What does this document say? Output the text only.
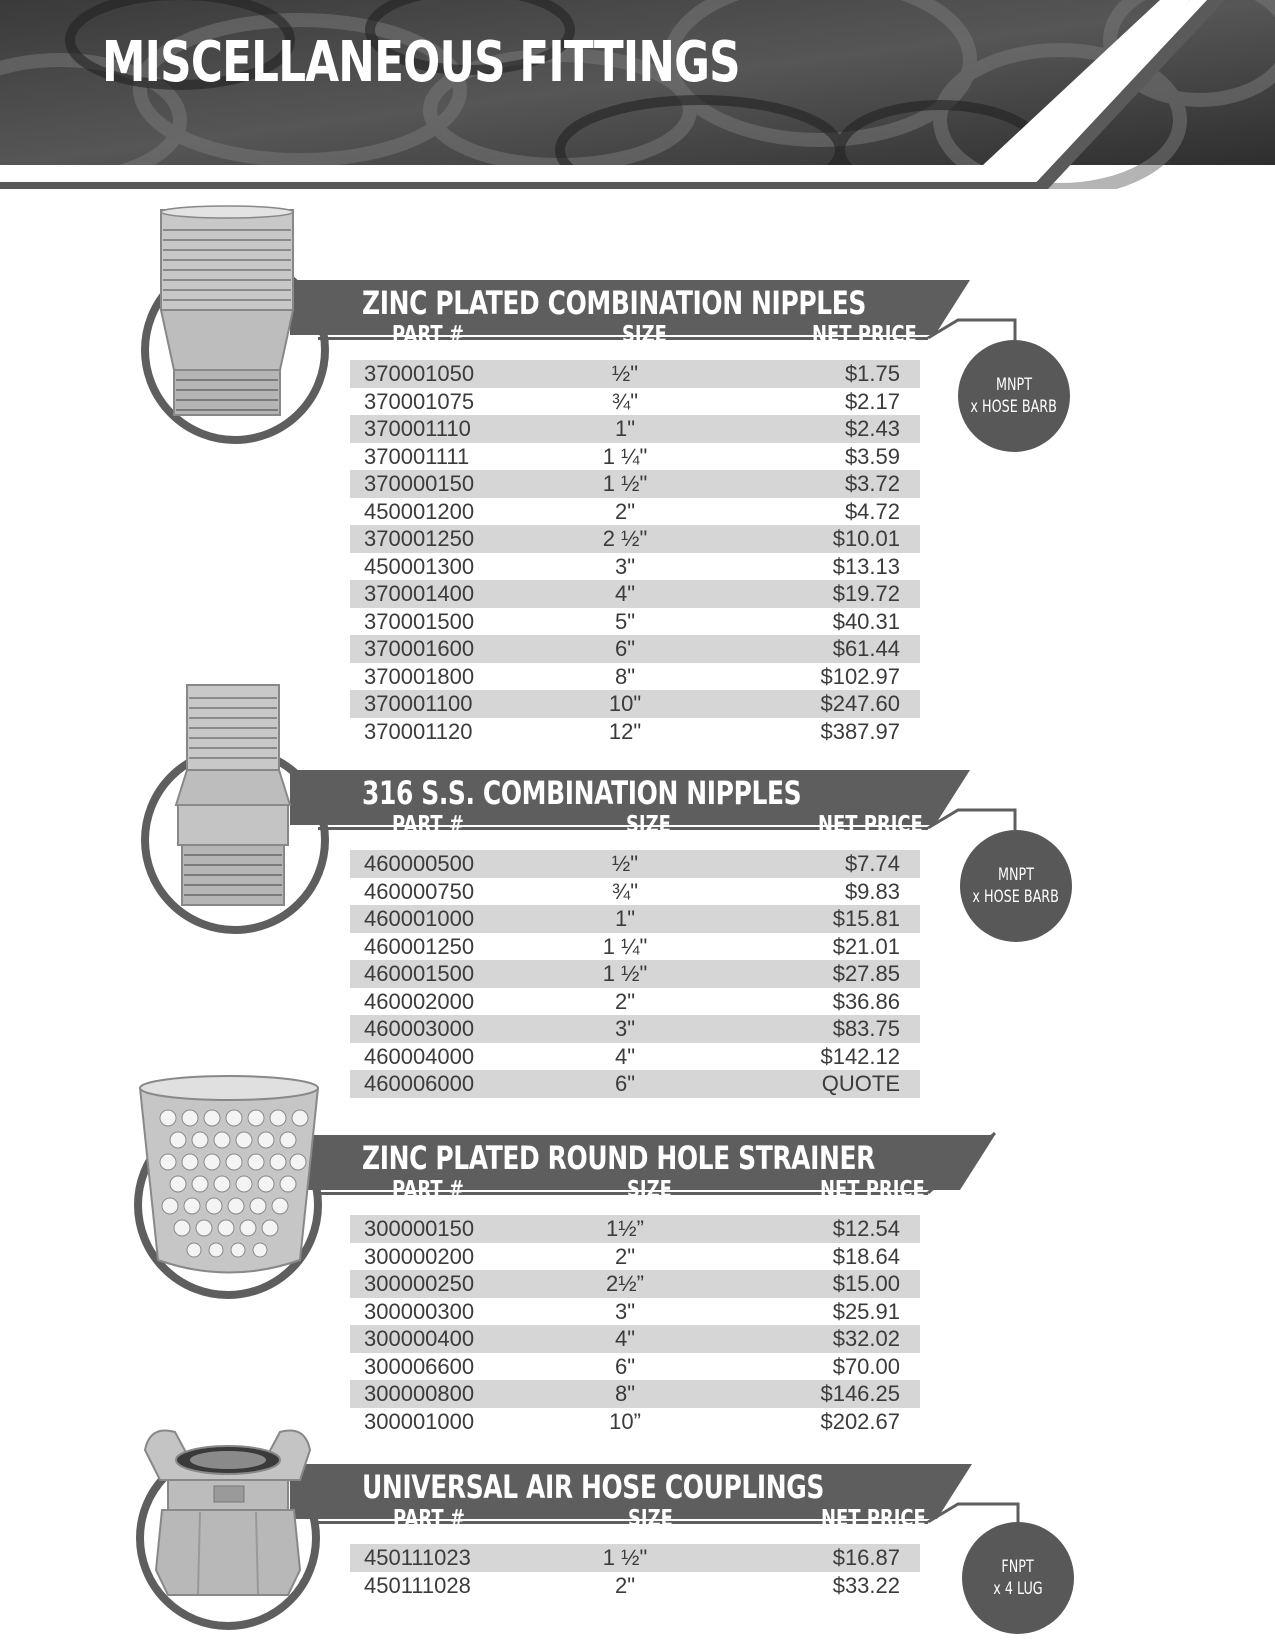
MISCELLANEOUS FITTINGS
ZINC PLATED COMBINATION NIPPLES
PART #	SIZE	NET PRICE
370001050	½"	$1.75
370001075	¾"	$2.17
370001110	1"	$2.43
370001111	1 ¼"	$3.59
370000150	1 ½"	$3.72
450001200	2"	$4.72
370001250	2 ½"	$10.01
450001300	3"	$13.13
370001400	4"	$19.72
370001500	5"	$40.31
370001600	6"	$61.44
370001800	8"	$102.97
370001100	10"	$247.60
370001120	12"	$387.97
MNPT
x HOSE BARB
316 S.S. COMBINATION NIPPLES
PART #	SIZE	NET PRICE
460000500	½"	$7.74
460000750	¾"	$9.83
460001000	1"	$15.81
460001250	1 ¼"	$21.01
460001500	1 ½"	$27.85
460002000	2"	$36.86
460003000	3"	$83.75
460004000	4"	$142.12
460006000	6"	QUOTE
MNPT
x HOSE BARB
ZINC PLATED ROUND HOLE STRAINER
PART #	SIZE	NET PRICE
300000150	1½”	$12.54
300000200	2"	$18.64
300000250	2½”	$15.00
300000300	3"	$25.91
300000400	4"	$32.02
300006600	6"	$70.00
300000800	8"	$146.25
300001000	10”	$202.67
UNIVERSAL AIR HOSE COUPLINGS
PART #	SIZE	NET PRICE
450111023	1 ½"	$16.87
450111028	2"	$33.22
FNPT
x 4 LUG
